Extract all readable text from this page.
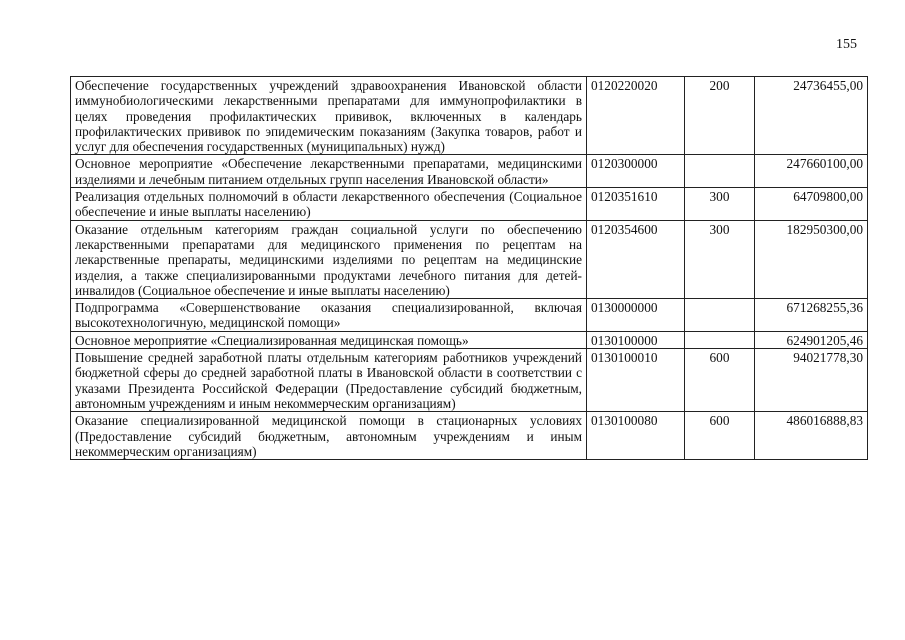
155
Обеспечение государственных учреждений здравоохранения Ивановской области иммунобиологическими лекарственными препаратами для иммунопрофилактики в целях проведения профилактических прививок, включенных в календарь профилактических прививок по эпидемическим показаниям (Закупка товаров, работ и услуг для обеспечения государственных (муниципальных) нужд)	0120220020	200	24736455,00
Основное мероприятие «Обеспечение лекарственными препаратами, медицинскими изделиями и лечебным питанием отдельных групп населения Ивановской области»	0120300000		247660100,00
Реализация отдельных полномочий в области лекарственного обеспечения (Социальное обеспечение и иные выплаты населению)	0120351610	300	64709800,00
Оказание отдельным категориям граждан социальной услуги по обеспечению лекарственными препаратами для медицинского применения по рецептам на лекарственные препараты, медицинскими изделиями по рецептам на медицинские изделия, а также специализированными продуктами лечебного питания для детей-инвалидов (Социальное обеспечение и иные выплаты населению)	0120354600	300	182950300,00
Подпрограмма «Совершенствование оказания специализированной, включая высокотехнологичную, медицинской помощи»	0130000000		671268255,36
Основное мероприятие «Специализированная медицинская помощь»	0130100000		624901205,46
Повышение средней заработной платы отдельным категориям работников учреждений бюджетной сферы до средней заработной платы в Ивановской области в соответствии с указами Президента Российской Федерации (Предоставление субсидий бюджетным, автономным учреждениям и иным некоммерческим организациям)	0130100010	600	94021778,30
Оказание специализированной медицинской помощи в стационарных условиях (Предоставление субсидий бюджетным, автономным учреждениям и иным некоммерческим организациям)	0130100080	600	486016888,83
